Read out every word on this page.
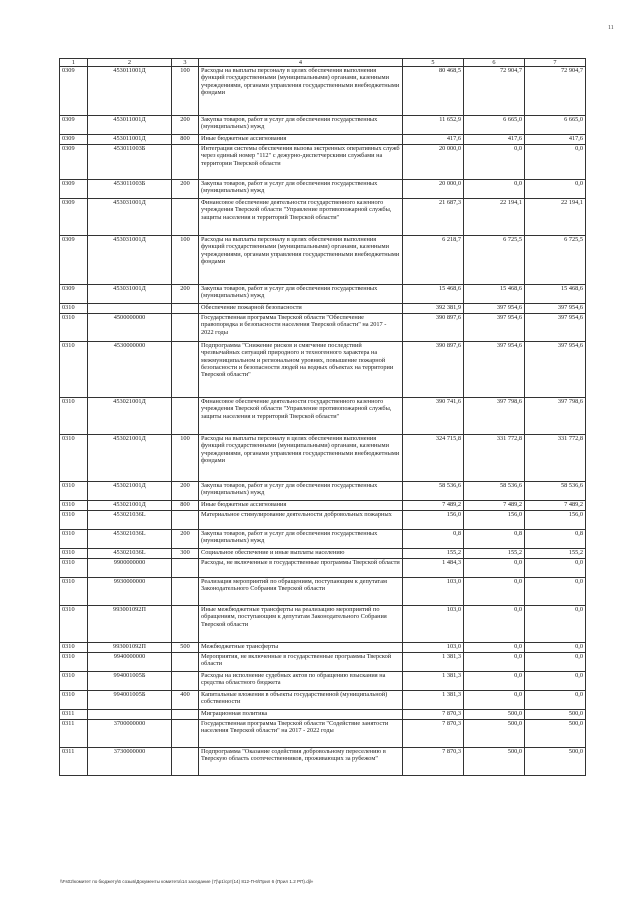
11
1	2	3	4	5	6	7
0309	453011001Д	100	Расходы на выплаты персоналу в целях обеспечения выполнения функций государственными (муниципальными) органами, казенными учреждениями, органами управления государственными внебюджетными фондами	80 468,5	72 904,7	72 904,7
0309	453011001Д	200	Закупка товаров, работ и услуг для обеспечения государственных (муниципальных) нужд	11 652,9	6 665,0	6 665,0
0309	453011001Д	800	Иные бюджетные ассигнования	417,6	417,6	417,6
0309	453011003Б		Интеграция системы обеспечения вызова экстренных оперативных служб через единый номер "112" с дежурно-диспетчерскими службами на территории Тверской области	20 000,0	0,0	0,0
0309	453011003Б	200	Закупка товаров, работ и услуг для обеспечения государственных (муниципальных) нужд	20 000,0	0,0	0,0
0309	453031001Д		Финансовое обеспечение деятельности государственного казенного учреждения Тверской области "Управление противопожарной службы, защиты населения и территорий Тверской области"	21 687,3	22 194,1	22 194,1
0309	453031001Д	100	Расходы на выплаты персоналу в целях обеспечения выполнения функций государственными (муниципальными) органами, казенными учреждениями, органами управления государственными внебюджетными фондами	6 218,7	6 725,5	6 725,5
0309	453031001Д	200	Закупка товаров, работ и услуг для обеспечения государственных (муниципальных) нужд	15 468,6	15 468,6	15 468,6
0310			Обеспечение пожарной безопасности	392 381,9	397 954,6	397 954,6
0310	4500000000		Государственная программа Тверской области "Обеспечение правопорядка и безопасности населения Тверской области" на 2017 - 2022 годы	390 897,6	397 954,6	397 954,6
0310	4530000000		Подпрограмма "Снижение рисков и смягчение последствий чрезвычайных ситуаций природного и техногенного характера на межмуниципальном и региональном уровнях, повышение пожарной безопасности и безопасности людей на водных объектах на территории Тверской области"	390 897,6	397 954,6	397 954,6
0310	453021001Д		Финансовое обеспечение деятельности государственного казенного учреждения Тверской области "Управление противопожарной службы, защиты населения и территорий Тверской области"	390 741,6	397 798,6	397 798,6
0310	453021001Д	100	Расходы на выплаты персоналу в целях обеспечения выполнения функций государственными (муниципальными) органами, казенными учреждениями, органами управления государственными внебюджетными фондами	324 715,8	331 772,8	331 772,8
0310	453021001Д	200	Закупка товаров, работ и услуг для обеспечения государственных (муниципальных) нужд	58 536,6	58 536,6	58 536,6
0310	453021001Д	800	Иные бюджетные ассигнования	7 489,2	7 489,2	7 489,2
0310	453021036L		Материальное стимулирование деятельности добровольных пожарных	156,0	156,0	156,0
0310	453021036L	200	Закупка товаров, работ и услуг для обеспечения государственных (муниципальных) нужд	0,8	0,8	0,8
0310	453021036L	300	Социальное обеспечение и иные выплаты населению	155,2	155,2	155,2
0310	9900000000		Расходы, не включенные в государственные программы Тверской области	1 484,3	0,0	0,0
0310	9930000000		Реализация мероприятий по обращениям, поступающим к депутатам Законодательного Собрания Тверской области	103,0	0,0	0,0
0310	993001092П		Иные межбюджетные трансферты на реализацию мероприятий по обращениям, поступающим к депутатам Законодательного Собрания Тверской области	103,0	0,0	0,0
0310	993001092П	500	Межбюджетные трансферты	103,0	0,0	0,0
0310	9940000000		Мероприятия, не включенные в государственные программы Тверской области	1 381,3	0,0	0,0
0310	994001005Б		Расходы на исполнение судебных актов по обращению взыскания на средства областного бюджета	1 381,3	0,0	0,0
0310	994001005Б	400	Капитальные вложения в объекты государственной (муниципальной) собственности	1 381,3	0,0	0,0
0311			Миграционная политика	7 870,3	500,0	500,0
0311	3700000000		Государственная программа Тверской области "Содействие занятости населения Тверской области" на 2017 - 2022 годы	7 870,3	500,0	500,0
0311	3730000000		Подпрограмма "Оказание содействия добровольному переселению в Тверскую область соотечественников, проживающих за рубежом"	7 870,3	500,0	500,0
\\Fs02\комитет по бюджету\6 созыв\Документы комитета\14 заседание (7)\р1\срт(14) 812-П-6\Прил 6 (Прил 1.2 РП).djl»
